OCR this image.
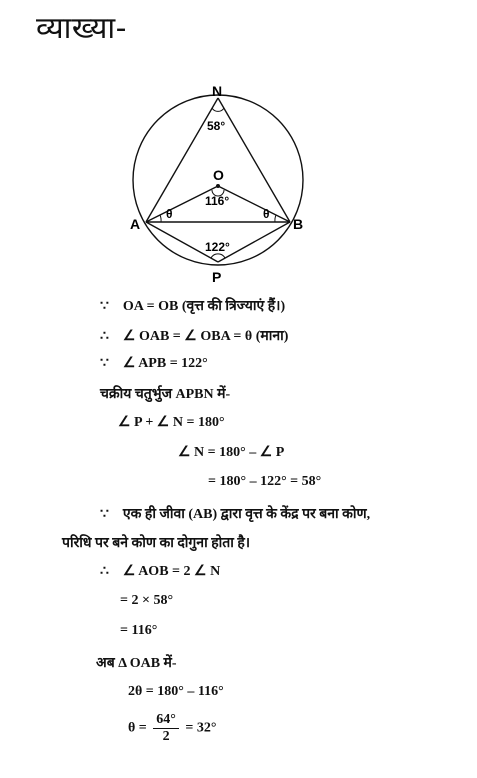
व्याख्या-
N
O
A	B
P
58°
116°
122°
θ	θ
∵ OA = OB (वृत्त की त्रिज्याएं हैं।)
∴ ∠ OAB = ∠ OBA = θ (माना)
∵ ∠ APB = 122°
चक्रीय चतुर्भुज APBN में-
∠ P + ∠ N = 180°
∠ N = 180° – ∠ P
= 180° – 122° = 58°
∵ एक ही जीवा (AB) द्वारा वृत्त के केंद्र पर बना कोण,
परिधि पर बने कोण का दोगुना होता है।
∴ ∠ AOB = 2 ∠ N
= 2 × 58°
= 116°
अब Δ OAB में-
2θ = 180° – 116°
$\theta = \frac{64^\circ}{2} = 32^\circ$
